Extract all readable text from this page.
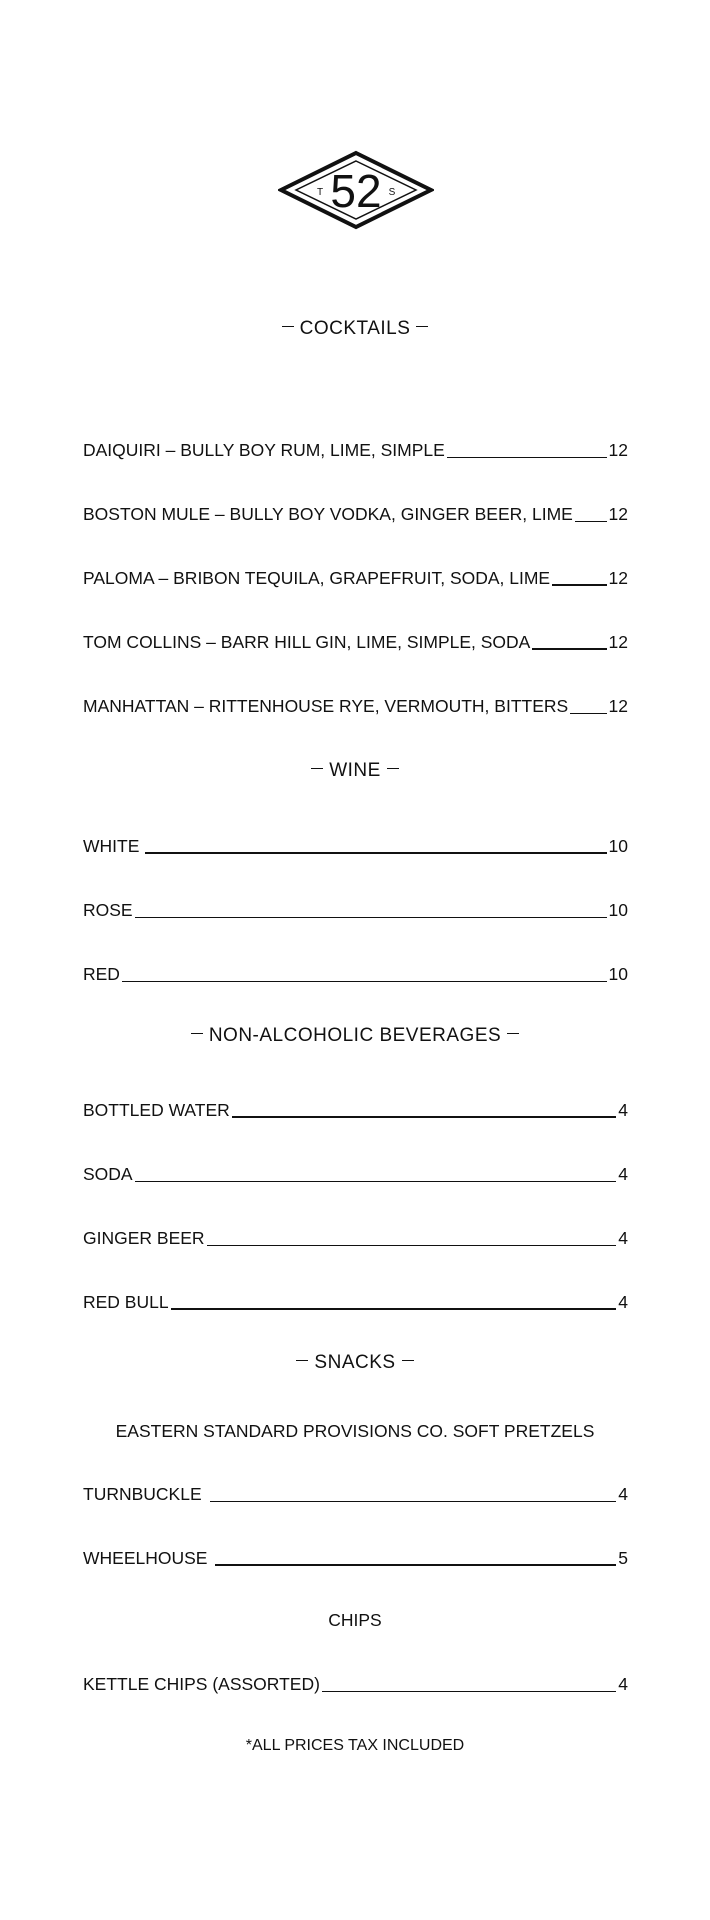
52
T	S
COCKTAILS
DAIQUIRI – BULLY BOY RUM, LIME, SIMPLE	12
BOSTON MULE – BULLY BOY VODKA, GINGER BEER, LIME 12
PALOMA – BRIBON TEQUILA, GRAPEFRUIT, SODA, LIME	12
TOM COLLINS – BARR HILL GIN, LIME, SIMPLE, SODA	12
MANHATTAN – RITTENHOUSE RYE, VERMOUTH, BITTERS 12
WINE
WHITE	10
ROSE	10
RED	10
NON-ALCOHOLIC BEVERAGES
BOTTLED WATER	4
SODA	4
GINGER BEER	4
RED BULL	4
SNACKS
EASTERN STANDARD PROVISIONS CO. SOFT PRETZELS
TURNBUCKLE	4
WHEELHOUSE	5
CHIPS
KETTLE CHIPS (ASSORTED)	4
*ALL PRICES TAX INCLUDED
